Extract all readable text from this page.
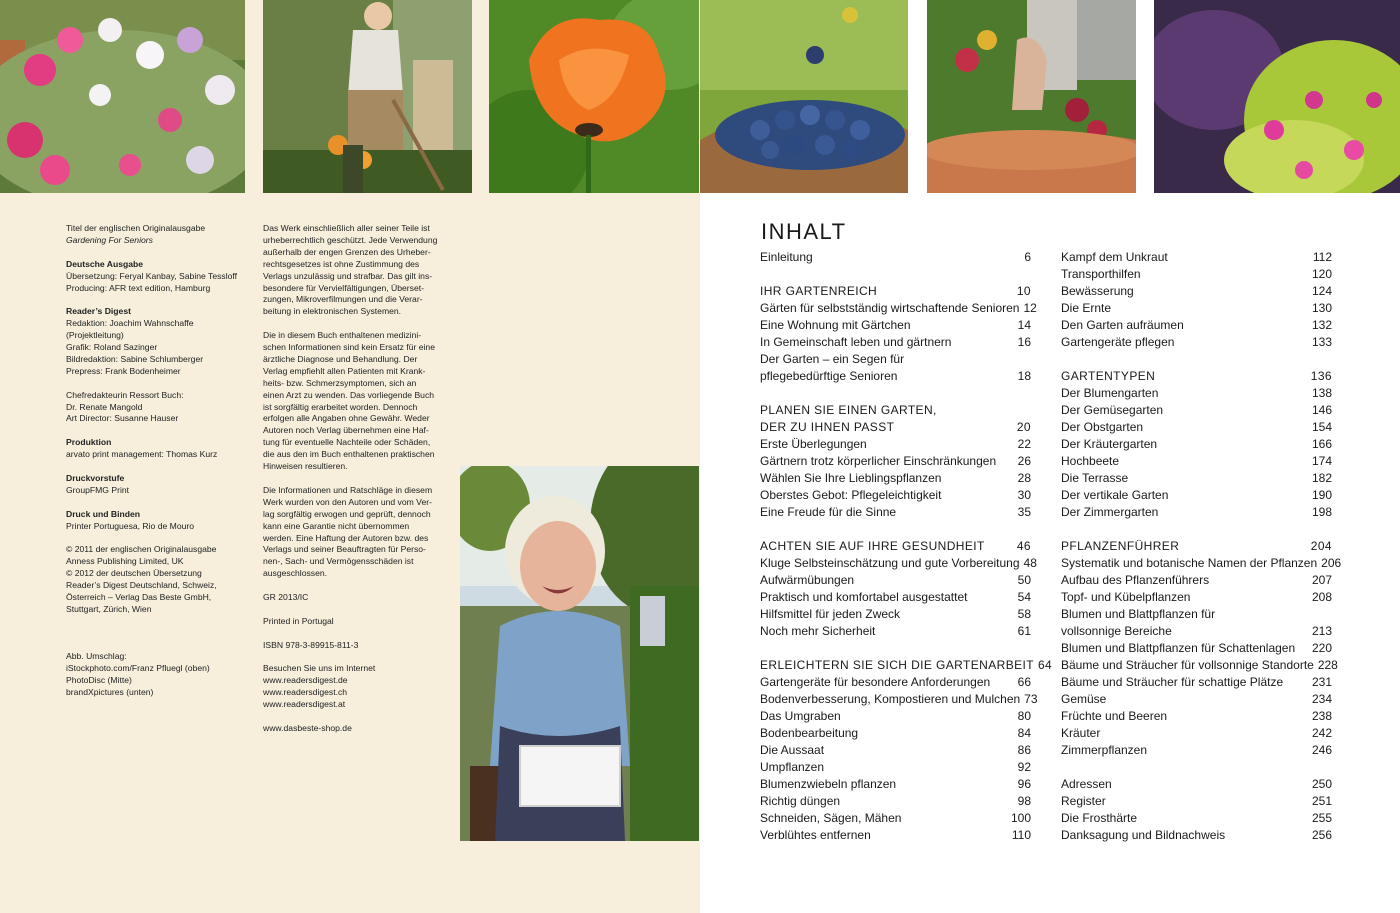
Titel der englischen Originalausgabe
Gardening For Seniors
Deutsche Ausgabe
Übersetzung: Feryal Kanbay, Sabine Tessloff
Producing: AFR text edition, Hamburg
Reader’s Digest
Redaktion: Joachim Wahnschaffe
(Projektleitung)
Grafik: Roland Sazinger
Bildredaktion: Sabine Schlumberger
Prepress: Frank Bodenheimer
Chefredakteurin Ressort Buch:
Dr. Renate Mangold
Art Director: Susanne Hauser
Produktion
arvato print management: Thomas Kurz
Druckvorstufe
GroupFMG Print
Druck und Binden
Printer Portuguesa, Rio de Mouro
© 2011 der englischen Originalausgabe
Anness Publishing Limited, UK
© 2012 der deutschen Übersetzung
Reader’s Digest Deutschland, Schweiz,
Österreich – Verlag Das Beste GmbH,
Stuttgart, Zürich, Wien

Abb. Umschlag:
iStockphoto.com/Franz Pfluegl (oben)
PhotoDisc (Mitte)
brandXpictures (unten)
Das Werk einschließlich aller seiner Teile ist
urheberrechtlich geschützt. Jede Verwendung
außerhalb der engen Grenzen des Urheber-
rechtsgesetzes ist ohne Zustimmung des
Verlags unzulässig und strafbar. Das gilt ins-
besondere für Vervielfältigungen, Überset-
zungen, Mikroverfilmungen und die Verar-
beitung in elektronischen Systemen.
Die in diesem Buch enthaltenen medizini-
schen Informationen sind kein Ersatz für eine
ärztliche Diagnose und Behandlung. Der
Verlag empfiehlt allen Patienten mit Krank-
heits- bzw. Schmerzsymptomen, sich an
einen Arzt zu wenden. Das vorliegende Buch
ist sorgfältig erarbeitet worden. Dennoch
erfolgen alle Angaben ohne Gewähr. Weder
Autoren noch Verlag übernehmen eine Haf-
tung für eventuelle Nachteile oder Schäden,
die aus den im Buch enthaltenen praktischen
Hinweisen resultieren.
Die Informationen und Ratschläge in diesem
Werk wurden von den Autoren und vom Ver-
lag sorgfältig erwogen und geprüft, dennoch
kann eine Garantie nicht übernommen
werden. Eine Haftung der Autoren bzw. des
Verlags und seiner Beauftragten für Perso-
nen-, Sach- und Vermögensschäden ist
ausgeschlossen.
GR 2013/IC
Printed in Portugal
ISBN 978-3-89915-811-3
Besuchen Sie uns im Internet
www.readersdigest.de
www.readersdigest.ch
www.readersdigest.at
www.dasbeste-shop.de
INHALT
Einleitung	6
IHR GARTENREICH	10
Gärten für selbstständig wirtschaftende Senioren 12
Eine Wohnung mit Gärtchen	14
In Gemeinschaft leben und gärtnern	16
Der Garten – ein Segen für
pflegebedürftige Senioren	18
PLANEN SIE EINEN GARTEN,
DER ZU IHNEN PASST	20
Erste Überlegungen	22
Gärtnern trotz körperlicher Einschränkungen 26
Wählen Sie Ihre Lieblingspflanzen	28
Oberstes Gebot: Pflegeleichtigkeit	30
Eine Freude für die Sinne	35
ACHTEN SIE AUF IHRE GESUNDHEIT	46
Kluge Selbsteinschätzung und gute Vorbereitung 48
Aufwärmübungen	50
Praktisch und komfortabel ausgestattet	54
Hilfsmittel für jeden Zweck	58
Noch mehr Sicherheit	61
ERLEICHTERN SIE SICH DIE GARTENARBEIT 64
Gartengeräte für besondere Anforderungen 66
Bodenverbesserung, Kompostieren und Mulchen 73
Das Umgraben	80
Bodenbearbeitung	84
Die Aussaat	86
Umpflanzen	92
Blumenzwiebeln pflanzen	96
Richtig düngen	98
Schneiden, Sägen, Mähen	100
Verblühtes entfernen	110
Kampf dem Unkraut	112
Transporthilfen	120
Bewässerung	124
Die Ernte	130
Den Garten aufräumen	132
Gartengeräte pflegen	133
GARTENTYPEN	136
Der Blumengarten	138
Der Gemüsegarten	146
Der Obstgarten	154
Der Kräutergarten	166
Hochbeete	174
Die Terrasse	182
Der vertikale Garten	190
Der Zimmergarten	198
PFLANZENFÜHRER	204
Systematik und botanische Namen der Pflanzen 206
Aufbau des Pflanzenführers	207
Topf- und Kübelpflanzen	208
Blumen und Blattpflanzen für
vollsonnige Bereiche	213
Blumen und Blattpflanzen für Schattenlagen 220
Bäume und Sträucher für vollsonnige Standorte 228
Bäume und Sträucher für schattige Plätze 231
Gemüse	234
Früchte und Beeren	238
Kräuter	242
Zimmerpflanzen	246
Adressen	250
Register	251
Die Frosthärte	255
Danksagung und Bildnachweis	256
